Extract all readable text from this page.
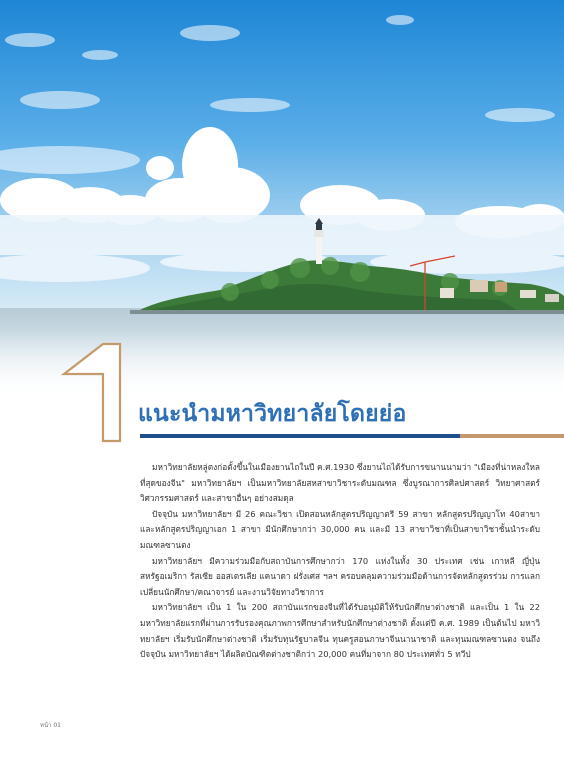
แนะนำมหาวิทยาลัยโดยย่อ

มหาวิทยาลัยหลู่ตงก่อตั้งขึ้นในเมืองยานไถในปี ค.ศ.1930 ซึ่งยานไถได้รับการขนานนามว่า "เมืองที่น่าหลงใหลที่สุดของจีน" มหาวิทยาลัยฯ เป็นมหาวิทยาลัยสหสาขาวิชาระดับมณฑล ซึ่งบูรณาการศิลปศาสตร์ วิทยาศาสตร์ วิศวกรรมศาสตร์ และสาขาอื่นๆ อย่างสมดุล

ปัจจุบัน มหาวิทยาลัยฯ มี 26 คณะวิชา เปิดสอนหลักสูตรปริญญาตรี 59 สาขา หลักสูตรปริญญาโท 40สาขา และหลักสูตรปริญญาเอก 1 สาขา มีนักศึกษากว่า 30,000 คน และมี 13 สาขาวิชาที่เป็นสาขาวิชาชั้นนำระดับมณฑลซานตง

มหาวิทยาลัยฯ มีความร่วมมือกับสถาบันการศึกษากว่า 170 แห่งในทั้ง 30 ประเทศ เช่น เกาหลี ญี่ปุ่น สหรัฐอเมริกา รัสเซีย ออสเตรเลีย แคนาดา ฝรั่งเศส ฯลฯ ครอบคลุมความร่วมมือด้านการจัดหลักสูตรร่วม การแลกเปลี่ยนนักศึกษา/คณาจารย์ และงานวิจัยทางวิชาการ

มหาวิทยาลัยฯ เป็น 1 ใน 200 สถาบันแรกของจีนที่ได้รับอนุมัติให้รับนักศึกษาต่างชาติ และเป็น 1 ใน 22 มหาวิทยาลัยแรกที่ผ่านการรับรองคุณภาพการศึกษาสำหรับนักศึกษาต่างชาติ ตั้งแต่ปี ค.ศ. 1989 เป็นต้นไป มหาวิทยาลัยฯ เริ่มรับนักศึกษาต่างชาติ เริ่มรับทุนรัฐบาลจีน ทุนครูสอนภาษาจีนนานาชาติ และทุนมณฑลซานตง จนถึงปัจจุบัน มหาวิทยาลัยฯ ได้ผลิตบัณฑิตต่างชาติกว่า 20,000 คนที่มาจาก 80 ประเทศทั่ว 5 ทวีป

หน้า 01
